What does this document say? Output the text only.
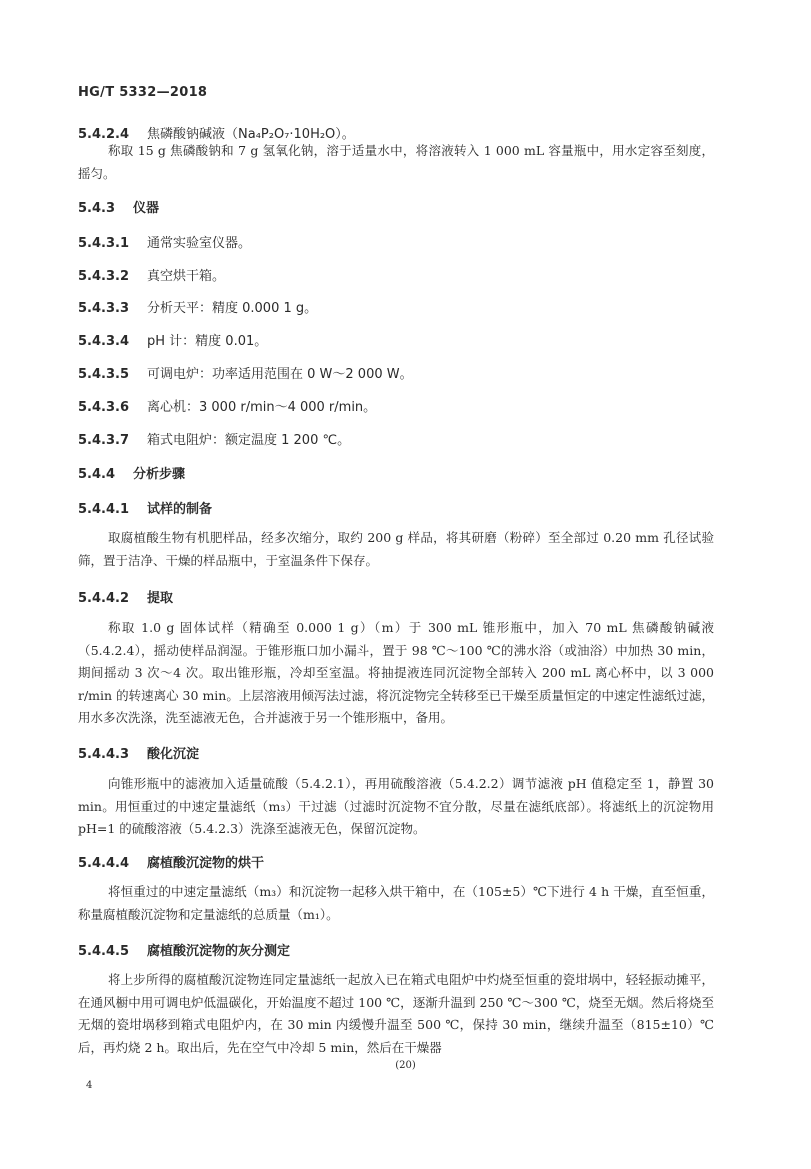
HG/T 5332—2018
5.4.2.4 焦磷酸钠碱液（Na₄P₂O₇·10H₂O）。
称取 15 g 焦磷酸钠和 7 g 氢氧化钠，溶于适量水中，将溶液转入 1 000 mL 容量瓶中，用水定容至刻度，摇匀。
5.4.3 仪器
5.4.3.1 通常实验室仪器。
5.4.3.2 真空烘干箱。
5.4.3.3 分析天平：精度 0.000 1 g。
5.4.3.4 pH 计：精度 0.01。
5.4.3.5 可调电炉：功率适用范围在 0 W～2 000 W。
5.4.3.6 离心机：3 000 r/min～4 000 r/min。
5.4.3.7 箱式电阻炉：额定温度 1 200 ℃。
5.4.4 分析步骤
5.4.4.1 试样的制备
取腐植酸生物有机肥样品，经多次缩分，取约 200 g 样品，将其研磨（粉碎）至全部过 0.20 mm 孔径试验筛，置于洁净、干燥的样品瓶中，于室温条件下保存。
5.4.4.2 提取
称取 1.0 g 固体试样（精确至 0.000 1 g）（m）于 300 mL 锥形瓶中，加入 70 mL 焦磷酸钠碱液（5.4.2.4），摇动使样品润湿。于锥形瓶口加小漏斗，置于 98 ℃～100 ℃的沸水浴（或油浴）中加热 30 min，期间摇动 3 次～4 次。取出锥形瓶，冷却至室温。将抽提液连同沉淀物全部转入 200 mL 离心杯中，以 3 000 r/min 的转速离心 30 min。上层溶液用倾泻法过滤，将沉淀物完全转移至已干燥至质量恒定的中速定性滤纸过滤，用水多次洗涤，洗至滤液无色，合并滤液于另一个锥形瓶中，备用。
5.4.4.3 酸化沉淀
向锥形瓶中的滤液加入适量硫酸（5.4.2.1），再用硫酸溶液（5.4.2.2）调节滤液 pH 值稳定至 1，静置 30 min。用恒重过的中速定量滤纸（m₃）干过滤（过滤时沉淀物不宜分散，尽量在滤纸底部）。将滤纸上的沉淀物用 pH=1 的硫酸溶液（5.4.2.3）洗涤至滤液无色，保留沉淀物。
5.4.4.4 腐植酸沉淀物的烘干
将恒重过的中速定量滤纸（m₃）和沉淀物一起移入烘干箱中，在（105±5）℃下进行 4 h 干燥，直至恒重，称量腐植酸沉淀物和定量滤纸的总质量（m₁）。
5.4.4.5 腐植酸沉淀物的灰分测定
将上步所得的腐植酸沉淀物连同定量滤纸一起放入已在箱式电阻炉中灼烧至恒重的瓷坩埚中，轻轻振动摊平，在通风橱中用可调电炉低温碳化，开始温度不超过 100 ℃，逐渐升温到 250 ℃～300 ℃，烧至无烟。然后将烧至无烟的瓷坩埚移到箱式电阻炉内，在 30 min 内缓慢升温至 500 ℃，保持 30 min，继续升温至（815±10）℃后，再灼烧 2 h。取出后，先在空气中冷却 5 min，然后在干燥器
(20)
4
